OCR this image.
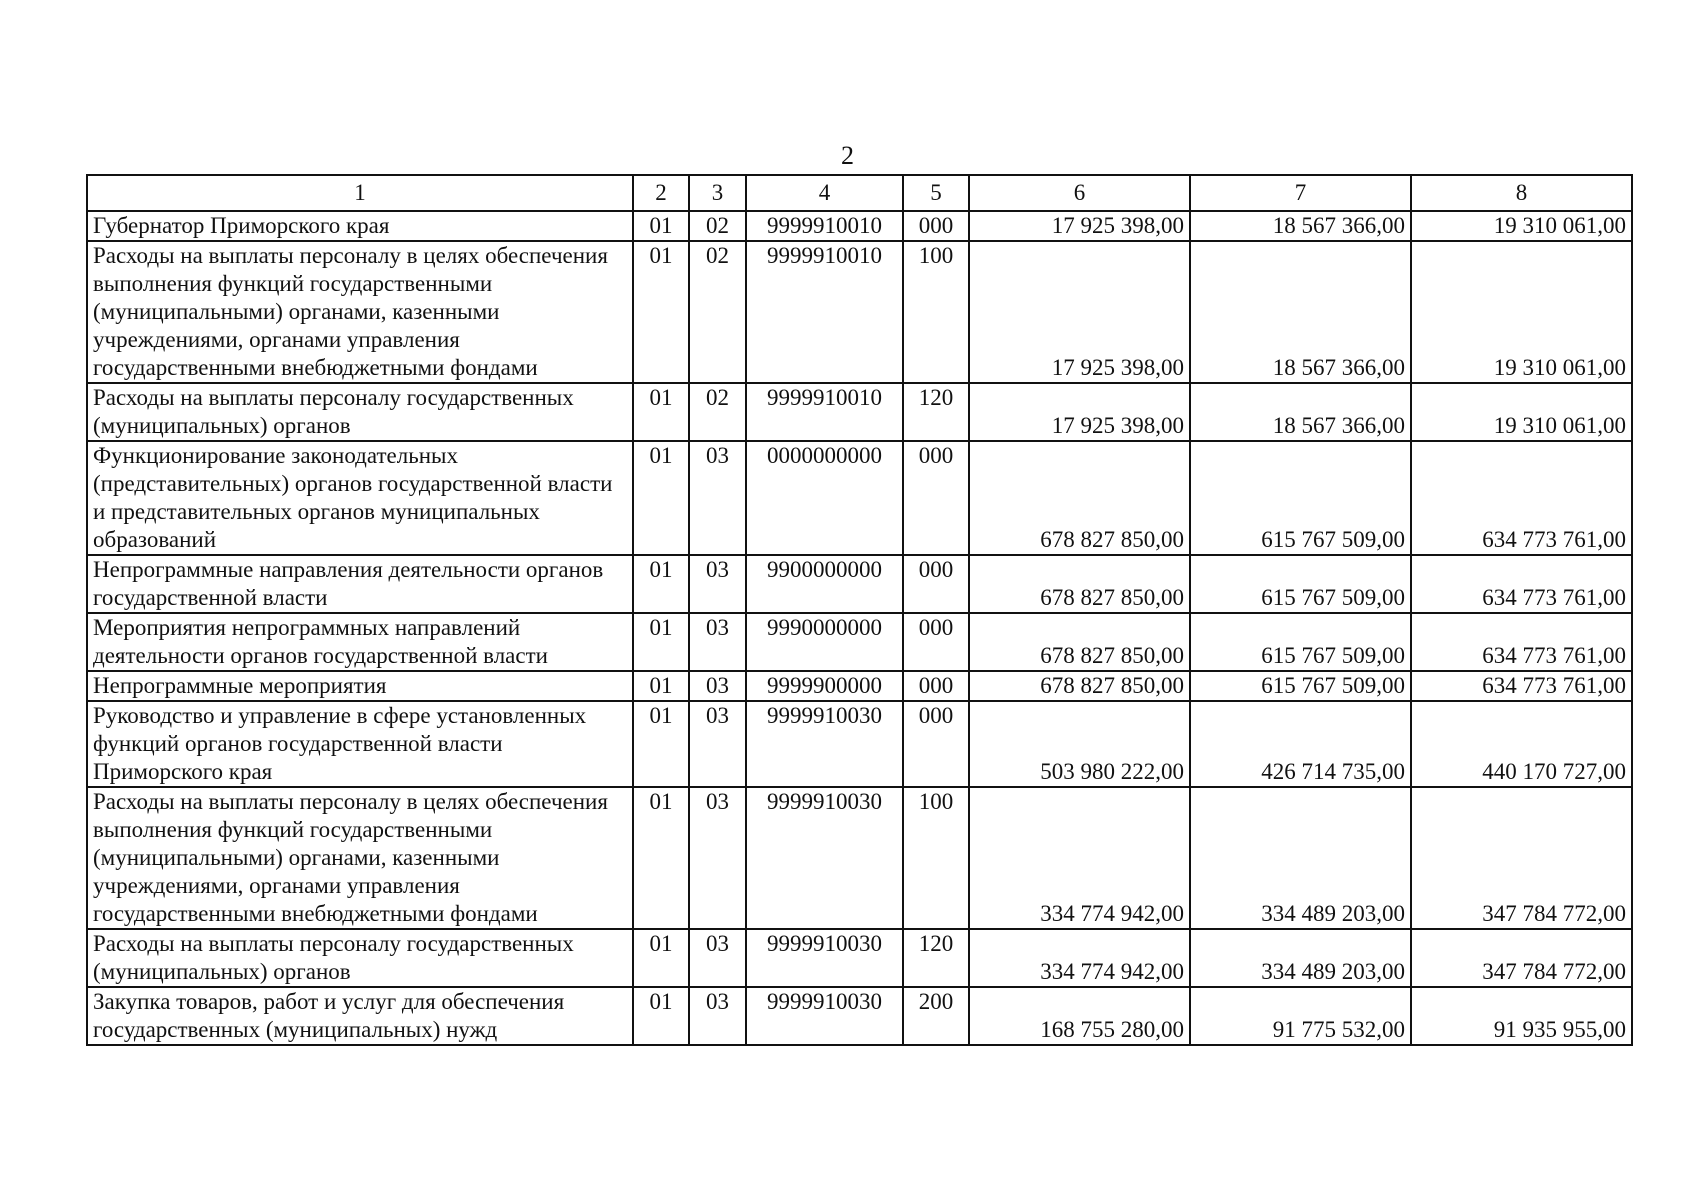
2
1	2	3	4	5	6	7	8
Губернатор Приморского края	01	02	9999910010	000	17 925 398,00	18 567 366,00	19 310 061,00
Расходы на выплаты персоналу в целях обеспечения выполнения функций государственными (муниципальными) органами, казенными учреждениями, органами управления государственными внебюджетными фондами	01	02	9999910010	100	17 925 398,00	18 567 366,00	19 310 061,00
Расходы на выплаты персоналу государственных (муниципальных) органов	01	02	9999910010	120	17 925 398,00	18 567 366,00	19 310 061,00
Функционирование законодательных (представительных) органов государственной власти и представительных органов муниципальных образований	01	03	0000000000	000	678 827 850,00	615 767 509,00	634 773 761,00
Непрограммные направления деятельности органов государственной власти	01	03	9900000000	000	678 827 850,00	615 767 509,00	634 773 761,00
Мероприятия непрограммных направлений деятельности органов государственной власти	01	03	9990000000	000	678 827 850,00	615 767 509,00	634 773 761,00
Непрограммные мероприятия	01	03	9999900000	000	678 827 850,00	615 767 509,00	634 773 761,00
Руководство и управление в сфере установленных функций органов государственной власти Приморского края	01	03	9999910030	000	503 980 222,00	426 714 735,00	440 170 727,00
Расходы на выплаты персоналу в целях обеспечения выполнения функций государственными (муниципальными) органами, казенными учреждениями, органами управления государственными внебюджетными фондами	01	03	9999910030	100	334 774 942,00	334 489 203,00	347 784 772,00
Расходы на выплаты персоналу государственных (муниципальных) органов	01	03	9999910030	120	334 774 942,00	334 489 203,00	347 784 772,00
Закупка товаров, работ и услуг для обеспечения государственных (муниципальных) нужд	01	03	9999910030	200	168 755 280,00	91 775 532,00	91 935 955,00
